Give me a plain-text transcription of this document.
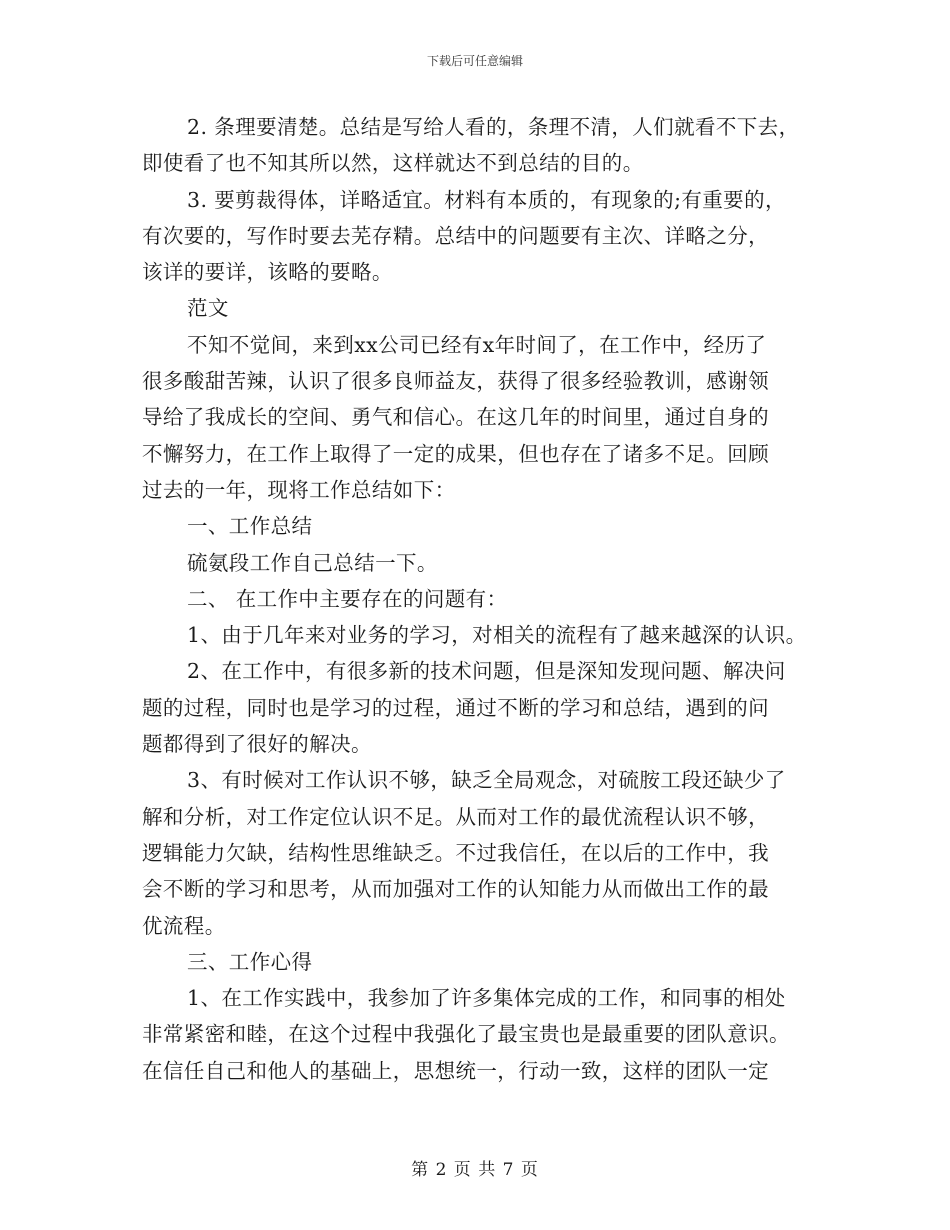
下载后可任意编辑
2. 条理要清楚。总结是写给人看的，条理不清，人们就看不下去，
即使看了也不知其所以然，这样就达不到总结的目的。
3. 要剪裁得体，详略适宜。材料有本质的，有现象的;有重要的，
有次要的，写作时要去芜存精。总结中的问题要有主次、详略之分，
该详的要详，该略的要略。
范文
不知不觉间，来到xx公司已经有x年时间了，在工作中，经历了
很多酸甜苦辣，认识了很多良师益友，获得了很多经验教训，感谢领
导给了我成长的空间、勇气和信心。在这几年的时间里，通过自身的
不懈努力，在工作上取得了一定的成果，但也存在了诸多不足。回顾
过去的一年，现将工作总结如下：
一、工作总结
硫氨段工作自己总结一下。
二、 在工作中主要存在的问题有：
1、由于几年来对业务的学习，对相关的流程有了越来越深的认识。
2、在工作中，有很多新的技术问题，但是深知发现问题、解决问
题的过程，同时也是学习的过程，通过不断的学习和总结，遇到的问
题都得到了很好的解决。
3、有时候对工作认识不够，缺乏全局观念，对硫胺工段还缺少了
解和分析，对工作定位认识不足。从而对工作的最优流程认识不够，
逻辑能力欠缺，结构性思维缺乏。不过我信任，在以后的工作中，我
会不断的学习和思考，从而加强对工作的认知能力从而做出工作的最
优流程。
三、工作心得
1、在工作实践中，我参加了许多集体完成的工作，和同事的相处
非常紧密和睦，在这个过程中我强化了最宝贵也是最重要的团队意识。
在信任自己和他人的基础上，思想统一，行动一致，这样的团队一定
第 2 页 共 7 页
